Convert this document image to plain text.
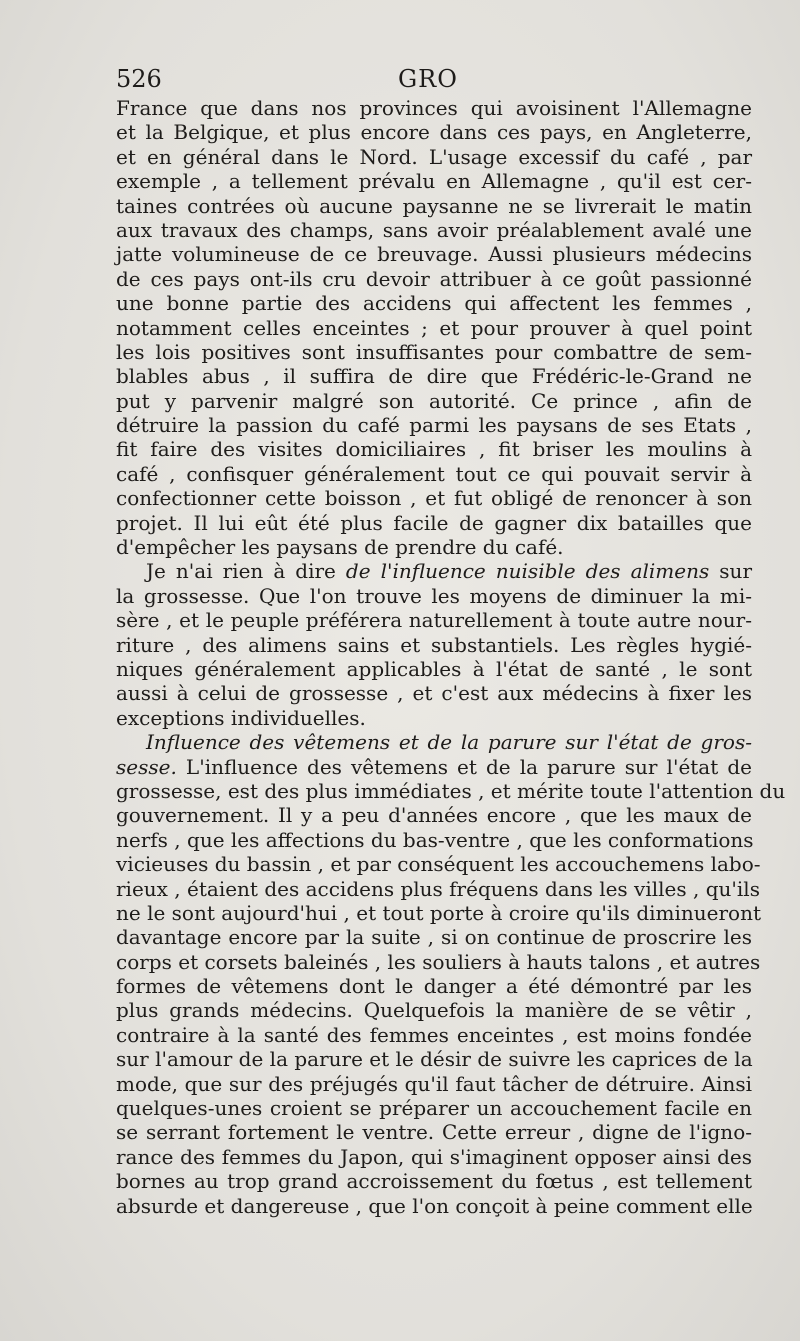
526	GRO
France que dans nos provinces qui avoisinent l'Allemagne
et la Belgique, et plus encore dans ces pays, en Angleterre,
et en général dans le Nord. L'usage excessif du café , par
exemple , a tellement prévalu en Allemagne , qu'il est cer-
taines contrées où aucune paysanne ne se livrerait le matin
aux travaux des champs, sans avoir préalablement avalé une
jatte volumineuse de ce breuvage. Aussi plusieurs médecins
de ces pays ont-ils cru devoir attribuer à ce goût passionné
une bonne partie des accidens qui affectent les femmes ,
notamment celles enceintes ; et pour prouver à quel point
les lois positives sont insuffisantes pour combattre de sem-
blables abus , il suffira de dire que Frédéric-le-Grand ne
put y parvenir malgré son autorité. Ce prince , afin de
détruire la passion du café parmi les paysans de ses Etats ,
fit faire des visites domiciliaires , fit briser les moulins à
café , confisquer généralement tout ce qui pouvait servir à
confectionner cette boisson , et fut obligé de renoncer à son
projet. Il lui eût été plus facile de gagner dix batailles que
d'empêcher les paysans de prendre du café.
Je n'ai rien à dire de l'influence nuisible des alimens sur
la grossesse. Que l'on trouve les moyens de diminuer la mi-
sère , et le peuple préférera naturellement à toute autre nour-
riture , des alimens sains et substantiels. Les règles hygié-
niques généralement applicables à l'état de santé , le sont
aussi à celui de grossesse , et c'est aux médecins à fixer les
exceptions individuelles.
Influence des vêtemens et de la parure sur l'état de gros-
sesse. L'influence des vêtemens et de la parure sur l'état de
grossesse, est des plus immédiates , et mérite toute l'attention du
gouvernement. Il y a peu d'années encore , que les maux de
nerfs , que les affections du bas-ventre , que les conformations
vicieuses du bassin , et par conséquent les accouchemens labo-
rieux , étaient des accidens plus fréquens dans les villes , qu'ils
ne le sont aujourd'hui , et tout porte à croire qu'ils diminueront
davantage encore par la suite , si on continue de proscrire les
corps et corsets baleinés , les souliers à hauts talons , et autres
formes de vêtemens dont le danger a été démontré par les
plus grands médecins. Quelquefois la manière de se vêtir ,
contraire à la santé des femmes enceintes , est moins fondée
sur l'amour de la parure et le désir de suivre les caprices de la
mode, que sur des préjugés qu'il faut tâcher de détruire. Ainsi
quelques-unes croient se préparer un accouchement facile en
se serrant fortement le ventre. Cette erreur , digne de l'igno-
rance des femmes du Japon, qui s'imaginent opposer ainsi des
bornes au trop grand accroissement du fœtus , est tellement
absurde et dangereuse , que l'on conçoit à peine comment elle
